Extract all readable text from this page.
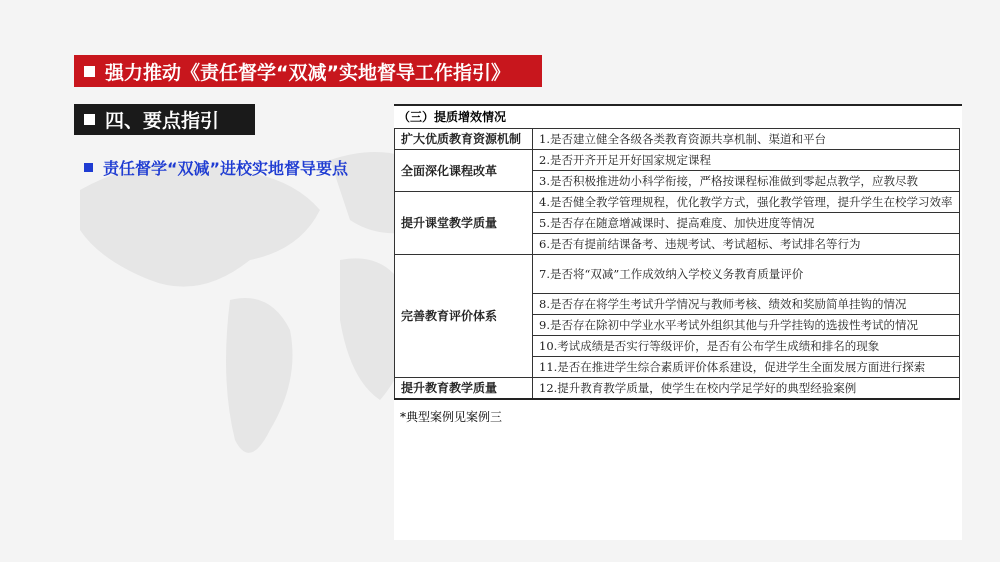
强力推动《责任督学“双减”实地督导工作指引》
四、要点指引
责任督学“双减”进校实地督导要点
（三）提质增效情况
扩大优质教育资源机制	1.是否建立健全各级各类教育资源共享机制、渠道和平台
全面深化课程改革	2.是否开齐开足开好国家规定课程
	3.是否积极推进幼小科学衔接，严格按课程标准做到零起点教学，应教尽教
提升课堂教学质量	4.是否健全教学管理规程，优化教学方式，强化教学管理，提升学生在校学习效率
	5.是否存在随意增减课时、提高难度、加快进度等情况
	6.是否有提前结课备考、违规考试、考试超标、考试排名等行为
完善教育评价体系	7.是否将“双减”工作成效纳入学校义务教育质量评价
	8.是否存在将学生考试升学情况与教师考核、绩效和奖励简单挂钩的情况
	9.是否存在除初中学业水平考试外组织其他与升学挂钩的选拔性考试的情况
	10.考试成绩是否实行等级评价，是否有公布学生成绩和排名的现象
	11.是否在推进学生综合素质评价体系建设，促进学生全面发展方面进行探索
提升教育教学质量	12.提升教育教学质量，使学生在校内学足学好的典型经验案例
*典型案例见案例三
